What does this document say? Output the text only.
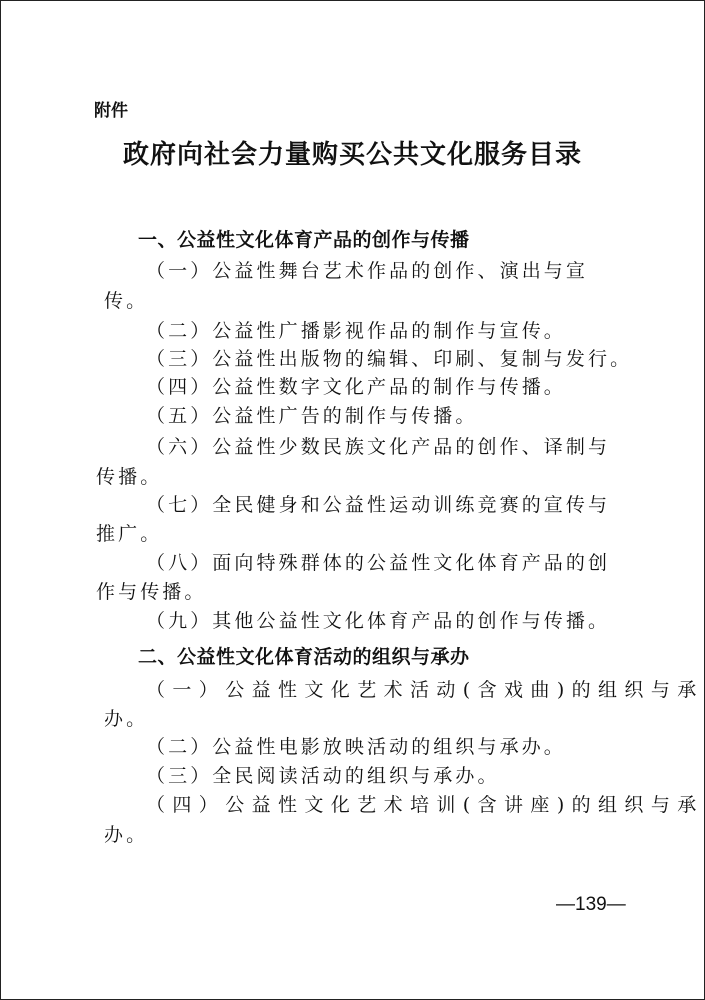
附件
政府向社会力量购买公共文化服务目录
一、公益性文化体育产品的创作与传播
（一）公益性舞台艺术作品的创作、演出与宣
传。
（二）公益性广播影视作品的制作与宣传。
（三）公益性出版物的编辑、印刷、复制与发行。
（四）公益性数字文化产品的制作与传播。
（五）公益性广告的制作与传播。
（六）公益性少数民族文化产品的创作、译制与
传播。
（七）全民健身和公益性运动训练竞赛的宣传与
推广。
（八）面向特殊群体的公益性文化体育产品的创
作与传播。
（九）其他公益性文化体育产品的创作与传播。
二、公益性文化体育活动的组织与承办
（一）公益性文化艺术活动(含戏曲)的组织与承
办。
（二）公益性电影放映活动的组织与承办。
（三）全民阅读活动的组织与承办。
（四）公益性文化艺术培训(含讲座)的组织与承
办。
—139—
